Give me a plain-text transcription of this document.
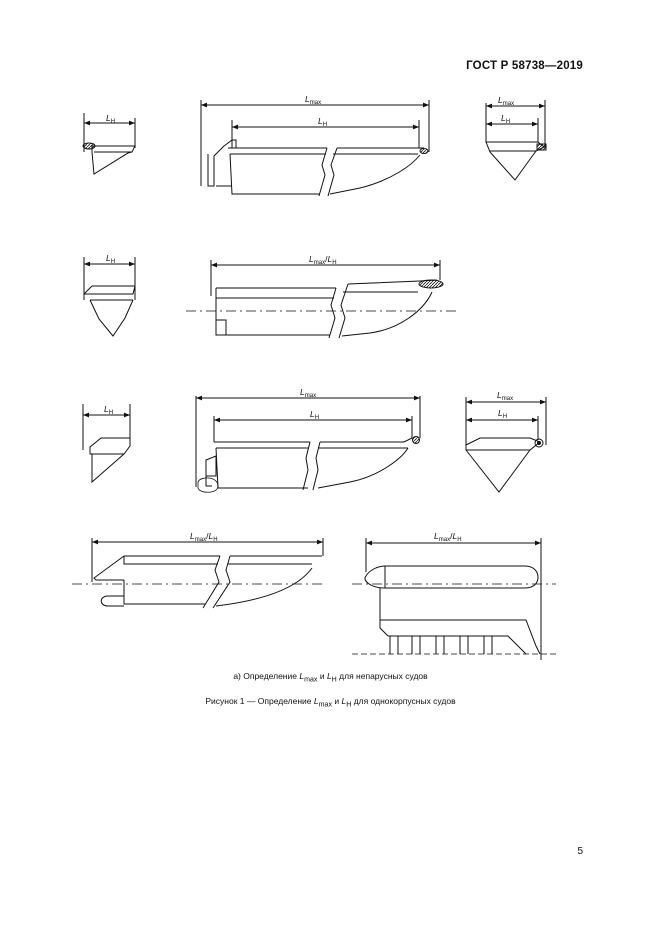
ГОСТ Р 58738—2019
$L_Н$
$L_{max}$
$L_Н$
$L_{max}$
$L_Н$
$L_Н$	$L_{max}/L_Н$
$L_Н$
$L_{max}$
$L_Н$
$L_{max}$
$L_Н$
$L_{max}/L_Н$	$L_{max}/L_Н$
а) Определение $L_{max}$ и $L_Н$ для непарусных судов
Рисунок 1 — Определение $L_{max}$ и $L_Н$ для однокорпусных судов
5
